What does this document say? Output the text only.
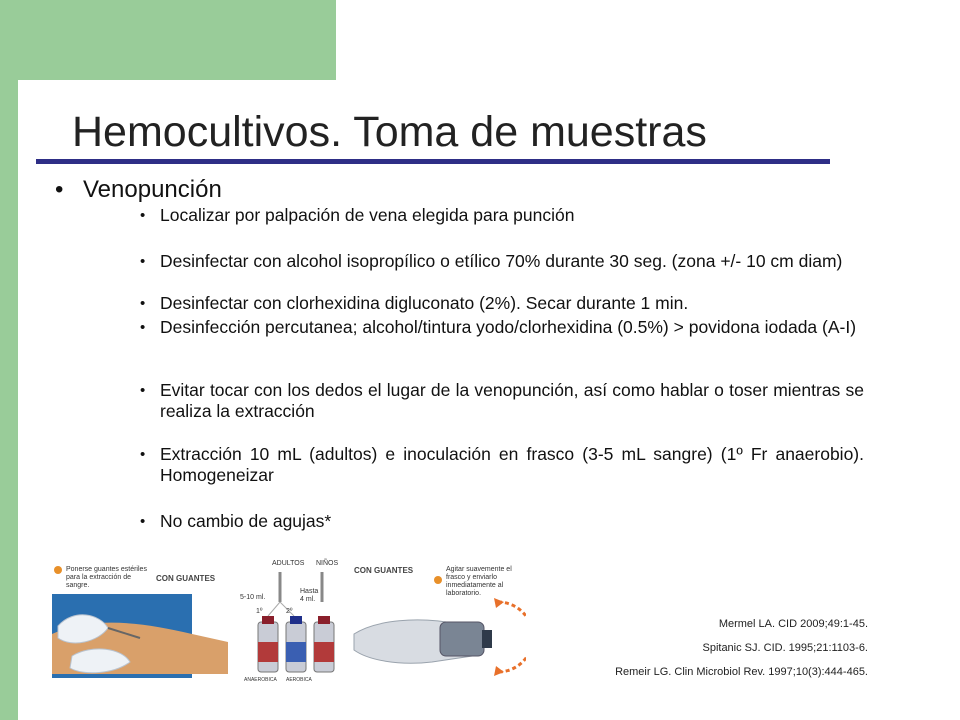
Hemocultivos. Toma de muestras
• Venopunción
• Localizar por palpación de vena elegida para punción
• Desinfectar con alcohol isopropílico o etílico 70% durante 30 seg. (zona +/- 10 cm diam)
• Desinfectar con clorhexidina digluconato (2%). Secar durante 1 min.
• Desinfección percutanea; alcohol/tintura yodo/clorhexidina (0.5%) > povidona iodada (A-I)
• Evitar tocar con los dedos el lugar de la venopunción, así como hablar o toser mientras se realiza la extracción
• Extracción 10 mL (adultos) e inoculación en frasco (3-5 mL sangre) (1º Fr anaerobio). Homogeneizar
• No cambio de agujas*
Ponerse guantes estériles para la extracción de sangre.
CON GUANTES
ADULTOS NIÑOS
5-10 ml.
Hasta 4 ml.
1º	2º
ANAEROBICA AEROBICA
CON GUANTES	Agitar suavemente el frasco y enviarlo inmediatamente al laboratorio.
Mermel LA. CID 2009;49:1-45.
Spitanic SJ. CID. 1995;21:1103-6.
Remeir LG. Clin Microbiol Rev. 1997;10(3):444-465.
